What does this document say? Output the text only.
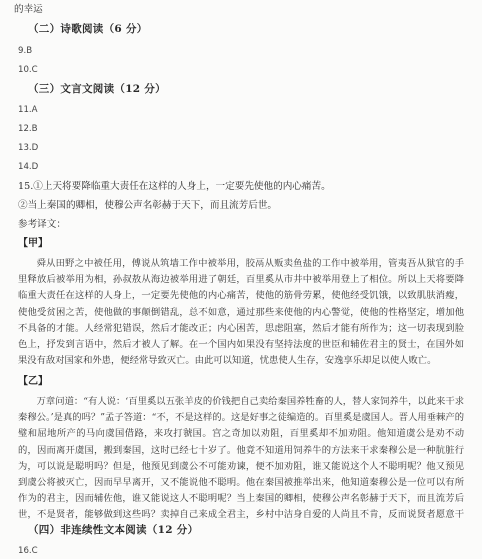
的幸运
（二）诗歌阅读（6 分）
9.B
10.C
（三）文言文阅读（12 分）
11.A
12.B
13.D
14.D
15.①上天将要降临重大责任在这样的人身上，一定要先使他的内心痛苦。
②当上秦国的卿相，使穆公声名彰赫于天下，而且流芳后世。
参考译文：
【甲】
舜从田野之中被任用，傅说从筑墙工作中被举用，胶鬲从贩卖鱼盐的工作中被举用，管夷吾从狱官的手里释放后被举用为相，孙叔敖从海边被举用进了朝廷，百里奚从市井中被举用登上了相位。所以上天将要降临重大责任在这样的人身上，一定要先使他的内心痛苦，使他的筋骨劳累，使他经受饥饿，以致肌肤消瘦，使他受贫困之苦，使他做的事颠倒错乱，总不如意，通过那些来使他的内心警觉，使他的性格坚定，增加他不具备的才能。人经常犯错误，然后才能改正；内心困苦，思虑阻塞，然后才能有所作为；这一切表现到脸色上，抒发到言语中，然后才被人了解。在一个国内如果没有坚持法度的世臣和辅佐君主的贤士，在国外如果没有敌对国家和外患，便经常导致灭亡。由此可以知道，忧患使人生存，安逸享乐却足以使人败亡。
【乙】
万章问道：“有人说：‘百里奚以五张羊皮的价钱把自己卖给秦国养牲畜的人，替人家饲养牛，以此来干求秦穆公。’是真的吗？”孟子答道：“不，不是这样的。这是好事之徒编造的。百里奚是虞国人。晋人用垂棘产的璧和屈地所产的马向虞国借路，来攻打虢国。宫之奇加以劝阻，百里奚却不加劝阻。他知道虞公是劝不动的，因而离开虞国，搬到秦国，这时已经七十岁了。他竟不知道用饲养牛的方法来干求秦穆公是一种肮脏行为，可以说是聪明吗？但是，他预见到虞公不可能劝谏，便不加劝阻，谁又能说这个人不聪明呢？他又预见到虞公将被灭亡，因而早早离开，又不能说他不聪明。他在秦国被推举出来，他知道秦穆公是一位可以有所作为的君主，因而辅佐他，谁又能说这人不聪明呢？当上秦国的卿相，使穆公声名彰赫于天下，而且流芳后世，不是贤者，能够做到这些吗？卖掉自己来成全君主，乡村中洁身自爱的人尚且不肯，反而说贤者愿意干
（四）非连续性文本阅读（12 分）
16.C
